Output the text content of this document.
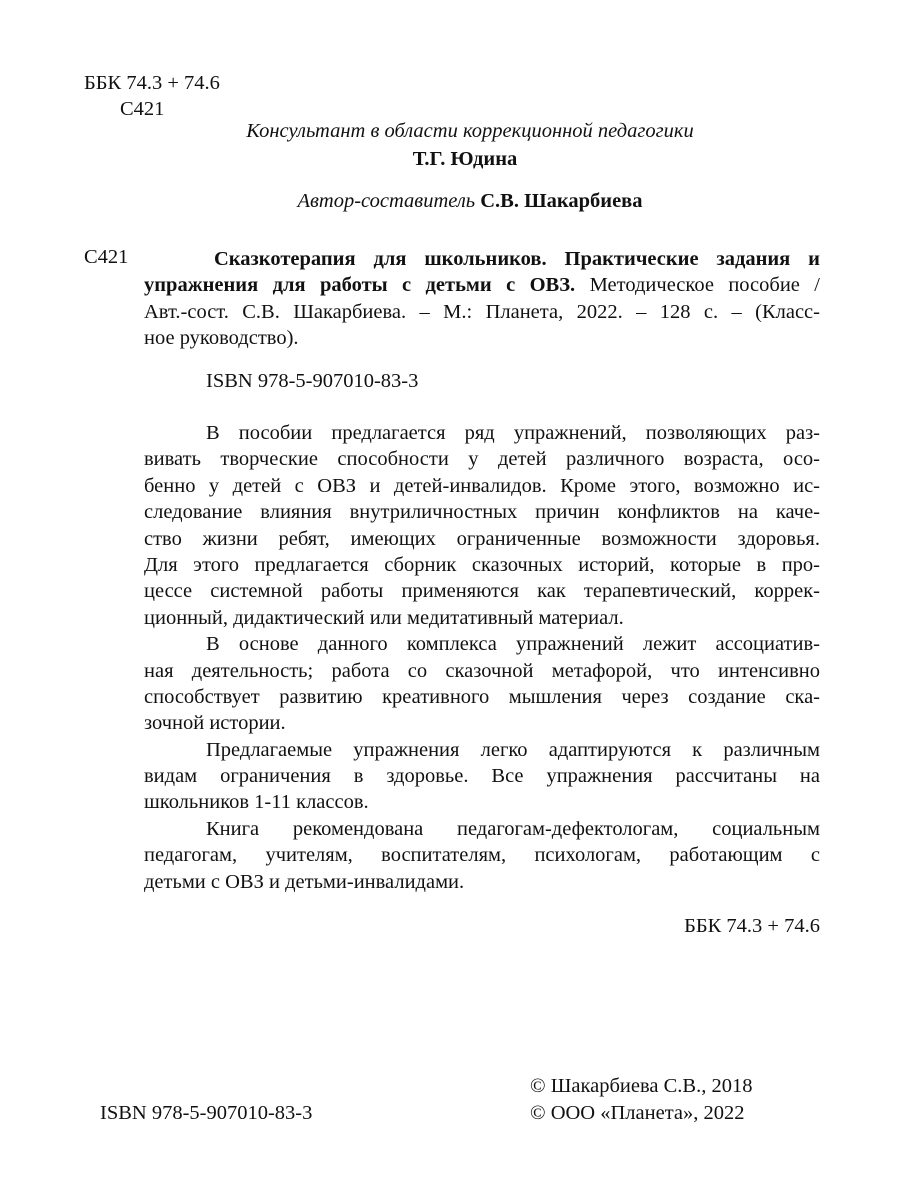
ББК 74.3 + 74.6
С421
Консультант в области коррекционной педагогики
Т.Г. Юдина
Автор-составитель С.В. Шакарбиева
С421	Сказкотерапия для школьников. Практические задания и
упражнения для работы с детьми с ОВЗ. Методическое пособие /
Авт.-сост. С.В. Шакарбиева. – М.: Планета, 2022. – 128 с. – (Класс-
ное руководство).
ISBN 978-5-907010-83-3
В пособии предлагается ряд упражнений, позволяющих раз-
вивать творческие способности у детей различного возраста, осо-
бенно у детей с ОВЗ и детей-инвалидов. Кроме этого, возможно ис-
следование влияния внутриличностных причин конфликтов на каче-
ство жизни ребят, имеющих ограниченные возможности здоровья.
Для этого предлагается сборник сказочных историй, которые в про-
цессе системной работы применяются как терапевтический, коррек-
ционный, дидактический или медитативный материал.
В основе данного комплекса упражнений лежит ассоциатив-
ная деятельность; работа со сказочной метафорой, что интенсивно
способствует развитию креативного мышления через создание ска-
зочной истории.
Предлагаемые упражнения легко адаптируются к различным
видам ограничения в здоровье. Все упражнения рассчитаны на
школьников 1-11 классов.
Книга рекомендована педагогам-дефектологам, социальным
педагогам, учителям, воспитателям, психологам, работающим с
детьми с ОВЗ и детьми-инвалидами.
ББК 74.3 + 74.6
© Шакарбиева С.В., 2018
ISBN 978-5-907010-83-3	© ООО «Планета», 2022
